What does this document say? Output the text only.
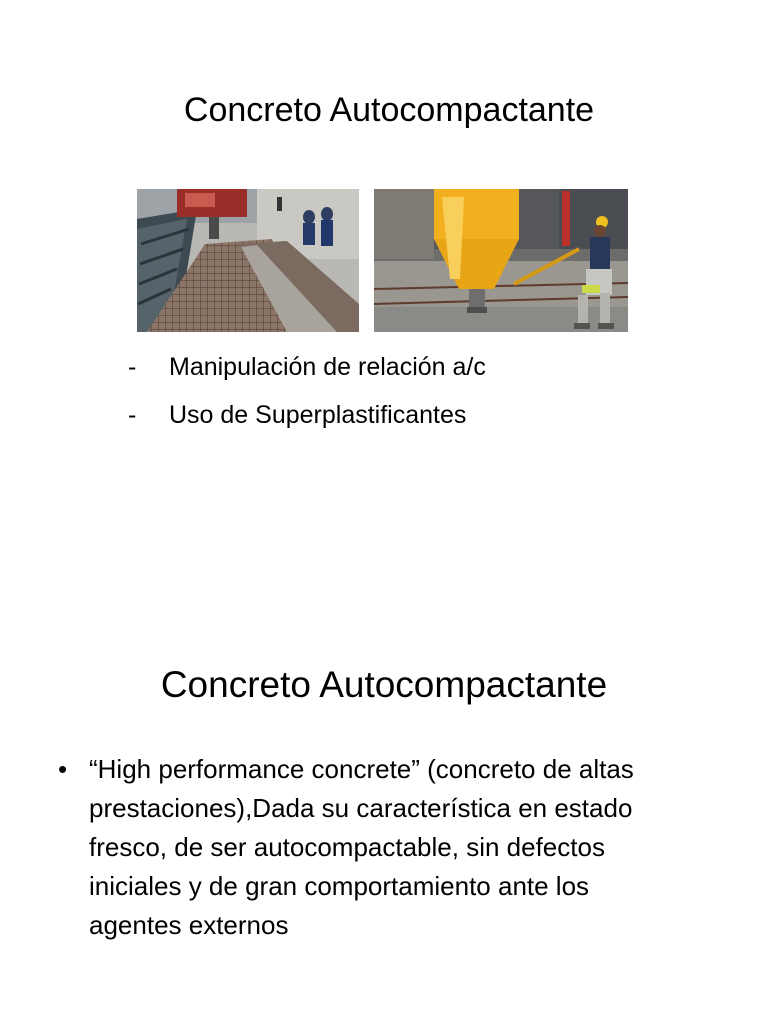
Concreto Autocompactante
- Manipulación de relación a/c
- Uso de Superplastificantes
Concreto Autocompactante
• “High performance concrete” (concreto de altas prestaciones),Dada su característica en estado fresco, de ser autocompactable, sin defectos iniciales y de gran comportamiento ante los agentes externos
